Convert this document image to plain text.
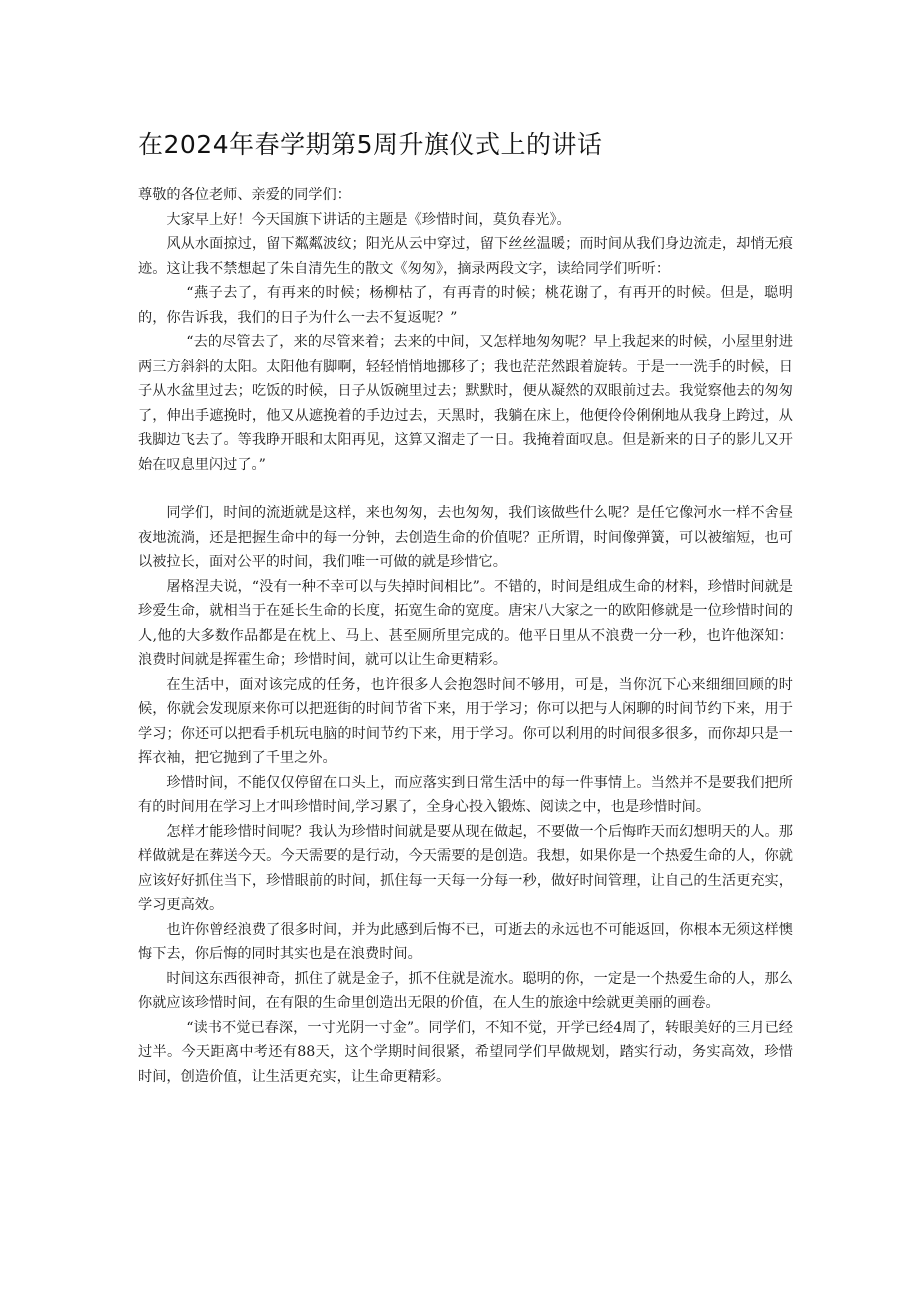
在2024年春学期第5周升旗仪式上的讲话

尊敬的各位老师、亲爱的同学们：

大家早上好！今天国旗下讲话的主题是《珍惜时间，莫负春光》。

风从水面掠过，留下粼粼波纹；阳光从云中穿过，留下丝丝温暖；而时间从我们身边流走，却悄无痕迹。这让我不禁想起了朱自清先生的散文《匆匆》，摘录两段文字，读给同学们听听：

“燕子去了，有再来的时候；杨柳枯了，有再青的时候；桃花谢了，有再开的时候。但是，聪明的，你告诉我，我们的日子为什么一去不复返呢？”

“去的尽管去了，来的尽管来着；去来的中间，又怎样地匆匆呢？早上我起来的时候，小屋里射进两三方斜斜的太阳。太阳他有脚啊，轻轻悄悄地挪移了；我也茫茫然跟着旋转。于是一一洗手的时候，日子从水盆里过去；吃饭的时候，日子从饭碗里过去；默默时，便从凝然的双眼前过去。我觉察他去的匆匆了，伸出手遮挽时，他又从遮挽着的手边过去，天黑时，我躺在床上，他便伶伶俐俐地从我身上跨过，从我脚边飞去了。等我睁开眼和太阳再见，这算又溜走了一日。我掩着面叹息。但是新来的日子的影儿又开始在叹息里闪过了。”

同学们，时间的流逝就是这样，来也匆匆，去也匆匆，我们该做些什么呢？是任它像河水一样不舍昼夜地流淌，还是把握生命中的每一分钟，去创造生命的价值呢？正所谓，时间像弹簧，可以被缩短，也可以被拉长，面对公平的时间，我们唯一可做的就是珍惜它。

屠格涅夫说，“没有一种不幸可以与失掉时间相比”。不错的，时间是组成生命的材料，珍惜时间就是珍爱生命，就相当于在延长生命的长度，拓宽生命的宽度。唐宋八大家之一的欧阳修就是一位珍惜时间的人,他的大多数作品都是在枕上、马上、甚至厕所里完成的。他平日里从不浪费一分一秒，也许他深知：浪费时间就是挥霍生命；珍惜时间，就可以让生命更精彩。

在生活中，面对该完成的任务，也许很多人会抱怨时间不够用，可是，当你沉下心来细细回顾的时候，你就会发现原来你可以把逛街的时间节省下来，用于学习；你可以把与人闲聊的时间节约下来，用于学习；你还可以把看手机玩电脑的时间节约下来，用于学习。你可以利用的时间很多很多，而你却只是一挥衣袖，把它抛到了千里之外。

珍惜时间，不能仅仅停留在口头上，而应落实到日常生活中的每一件事情上。当然并不是要我们把所有的时间用在学习上才叫珍惜时间,学习累了，全身心投入锻炼、阅读之中，也是珍惜时间。

怎样才能珍惜时间呢？我认为珍惜时间就是要从现在做起，不要做一个后悔昨天而幻想明天的人。那样做就是在葬送今天。今天需要的是行动，今天需要的是创造。我想，如果你是一个热爱生命的人，你就应该好好抓住当下，珍惜眼前的时间，抓住每一天每一分每一秒，做好时间管理，让自己的生活更充实，学习更高效。

也许你曾经浪费了很多时间，并为此感到后悔不已，可逝去的永远也不可能返回，你根本无须这样懊悔下去，你后悔的同时其实也是在浪费时间。

时间这东西很神奇，抓住了就是金子，抓不住就是流水。聪明的你，一定是一个热爱生命的人，那么你就应该珍惜时间，在有限的生命里创造出无限的价值，在人生的旅途中绘就更美丽的画卷。

“读书不觉已春深，一寸光阴一寸金”。同学们，不知不觉，开学已经4周了，转眼美好的三月已经过半。今天距离中考还有88天，这个学期时间很紧，希望同学们早做规划，踏实行动，务实高效，珍惜时间，创造价值，让生活更充实，让生命更精彩。
